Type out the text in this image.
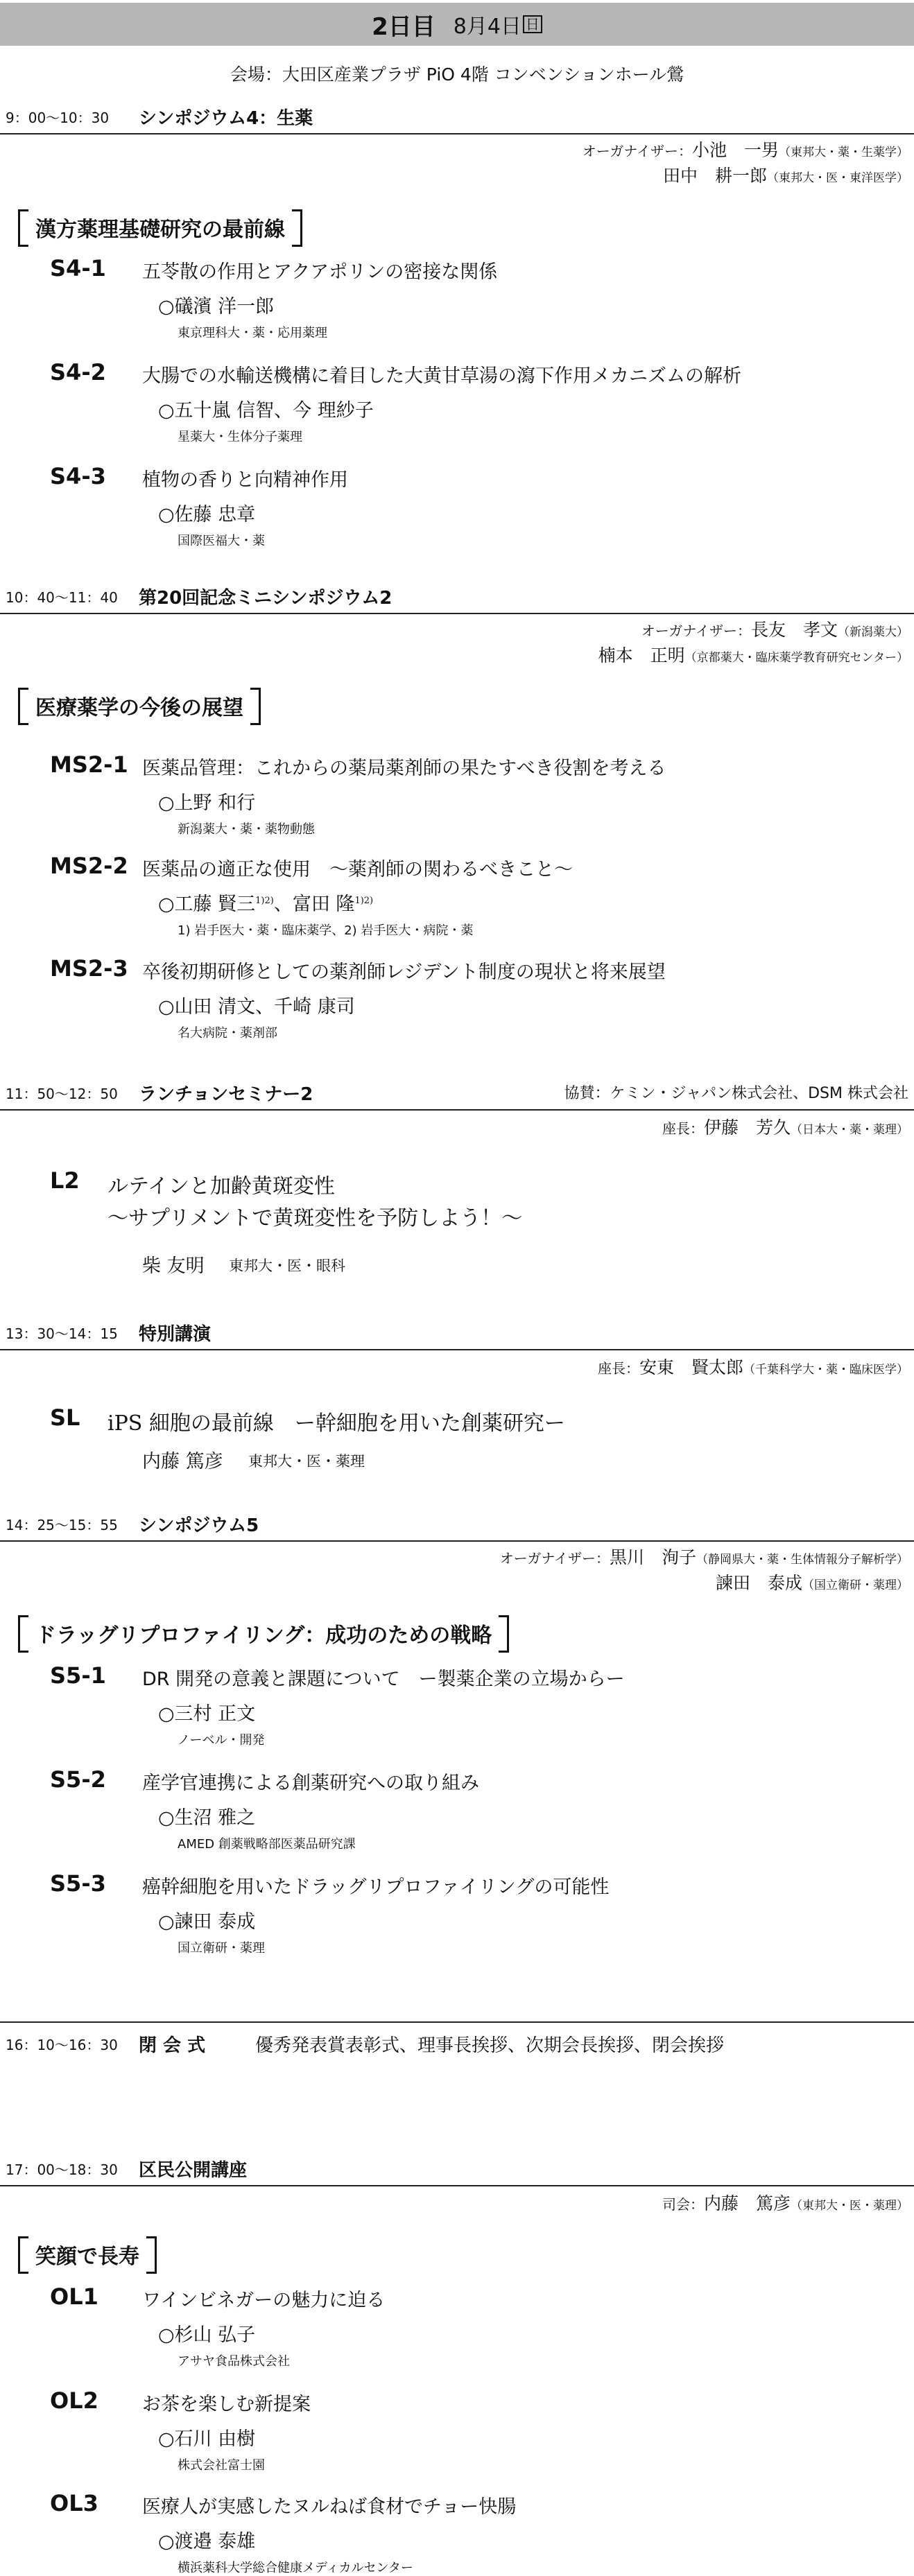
2日目 8月4日 日
会場：大田区産業プラザ PiO 4階 コンベンションホール鶯
9：00～10：30 シンポジウム4：生薬
オーガナイザー：小池　一男（東邦大・薬・生薬学）
田中　耕一郎（東邦大・医・東洋医学）
漢方薬理基礎研究の最前線
S4-1 五苓散の作用とアクアポリンの密接な関係
○礒濱 洋一郎
東京理科大・薬・応用薬理
S4-2 大腸での水輸送機構に着目した大黄甘草湯の瀉下作用メカニズムの解析
○五十嵐 信智、今 理紗子
星薬大・生体分子薬理
S4-3 植物の香りと向精神作用
○佐藤 忠章
国際医福大・薬
10：40～11：40 第20回記念ミニシンポジウム2
オーガナイザー：長友　孝文（新潟薬大）
楠本　正明（京都薬大・臨床薬学教育研究センター）
医療薬学の今後の展望
MS2-1 医薬品管理：これからの薬局薬剤師の果たすべき役割を考える
○上野 和行
新潟薬大・薬・薬物動態
MS2-2 医薬品の適正な使用　～薬剤師の関わるべきこと～
○工藤 賢三$^{1)2)}$、富田 隆$^{1)2)}$
1) 岩手医大・薬・臨床薬学、2) 岩手医大・病院・薬
MS2-3 卒後初期研修としての薬剤師レジデント制度の現状と将来展望
○山田 清文、千崎 康司
名大病院・薬剤部
11：50～12：50 ランチョンセミナー2	協賛：ケミン・ジャパン株式会社、DSM 株式会社
座長：伊藤　芳久（日本大・薬・薬理）
L2 ルテインと加齢黄斑変性
～サプリメントで黄斑変性を予防しよう！～
柴 友明 東邦大・医・眼科
13：30～14：15 特別講演
座長：安東　賢太郎（千葉科学大・薬・臨床医学）
SL iPS 細胞の最前線　ー幹細胞を用いた創薬研究ー
内藤 篤彦 東邦大・医・薬理
14：25～15：55 シンポジウム5
オーガナイザー：黒川　洵子（静岡県大・薬・生体情報分子解析学）
諫田　泰成（国立衛研・薬理）
ドラッグリプロファイリング：成功のための戦略
S5-1 DR 開発の意義と課題について　ー製薬企業の立場からー
○三村 正文
ノーベル・開発
S5-2 産学官連携による創薬研究への取り組み
○生沼 雅之
AMED 創薬戦略部医薬品研究課
S5-3 癌幹細胞を用いたドラッグリプロファイリングの可能性
○諫田 泰成
国立衛研・薬理
16：10～16：30 閉 会 式	優秀発表賞表彰式、理事長挨拶、次期会長挨拶、閉会挨拶
17：00～18：30 区民公開講座
司会：内藤　篤彦（東邦大・医・薬理）
笑顔で長寿
OL1 ワインビネガーの魅力に迫る
○杉山 弘子
アサヤ食品株式会社
OL2 お茶を楽しむ新提案
○石川 由樹
株式会社富士園
OL3 医療人が実感したヌルねば食材でチョー快腸
○渡邉 泰雄
横浜薬科大学総合健康メディカルセンター
